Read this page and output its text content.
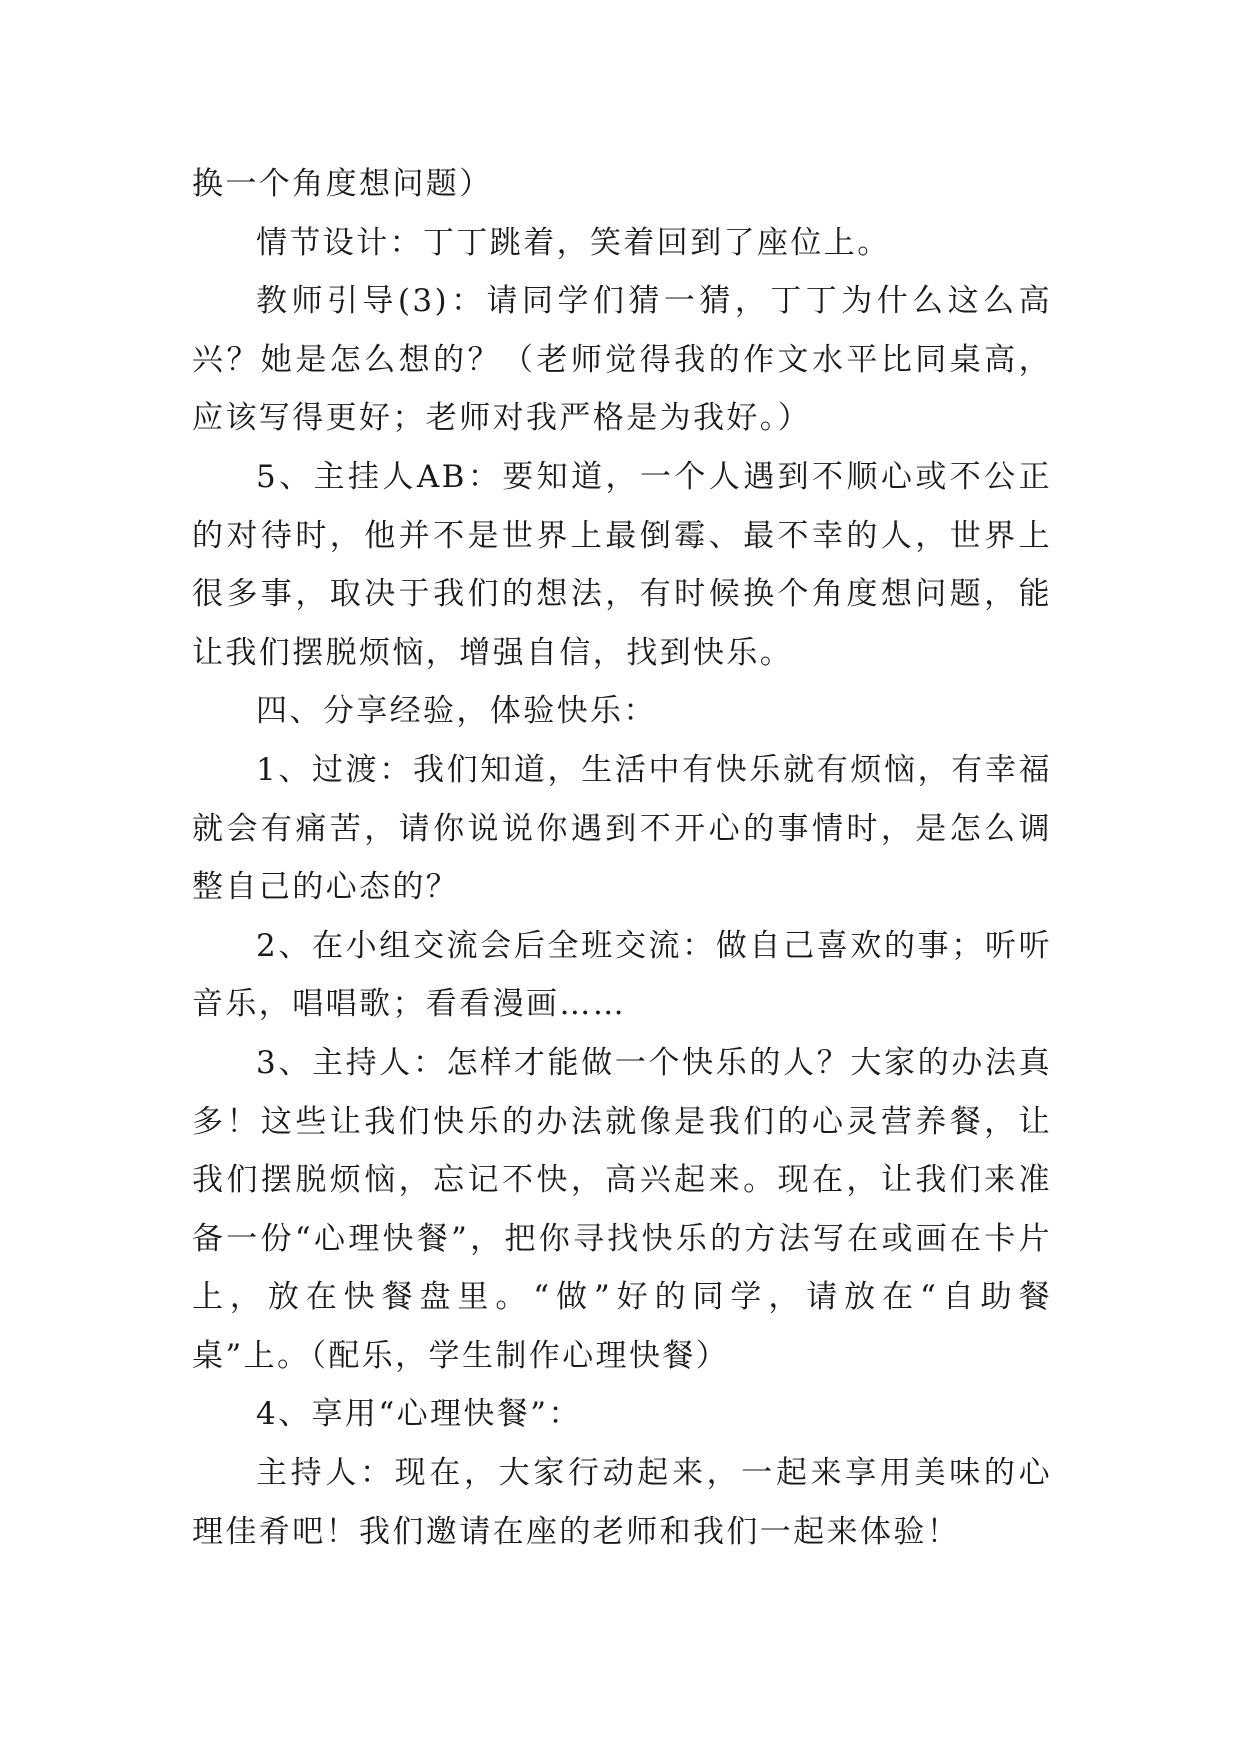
换一个角度想问题）

情节设计：丁丁跳着，笑着回到了座位上。

教师引导(3)：请同学们猜一猜，丁丁为什么这么高兴？她是怎么想的？（老师觉得我的作文水平比同桌高，应该写得更好；老师对我严格是为我好。）

5、主挂人AB：要知道，一个人遇到不顺心或不公正的对待时，他并不是世界上最倒霉、最不幸的人，世界上很多事，取决于我们的想法，有时候换个角度想问题，能让我们摆脱烦恼，增强自信，找到快乐。

四、分享经验，体验快乐：

1、过渡：我们知道，生活中有快乐就有烦恼，有幸福就会有痛苦，请你说说你遇到不开心的事情时，是怎么调整自己的心态的？

2、在小组交流会后全班交流：做自己喜欢的事；听听音乐，唱唱歌；看看漫画……

3、主持人：怎样才能做一个快乐的人？大家的办法真多！这些让我们快乐的办法就像是我们的心灵营养餐，让我们摆脱烦恼，忘记不快，高兴起来。现在，让我们来准备一份“心理快餐”，把你寻找快乐的方法写在或画在卡片上，放在快餐盘里。“做”好的同学，请放在“自助餐桌”上。（配乐，学生制作心理快餐）

4、享用“心理快餐”：

主持人：现在，大家行动起来，一起来享用美味的心理佳肴吧！我们邀请在座的老师和我们一起来体验！
